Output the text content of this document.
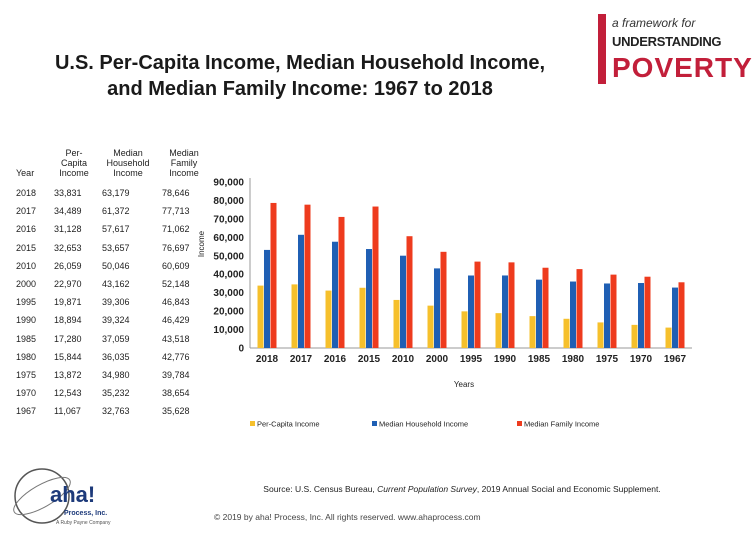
U.S. Per-Capita Income, Median Household Income,
and Median Family Income: 1967 to 2018
a framework for
UNDERSTANDING
POVERTY
Year	Per-Capita Income	Median Household Income	Median Family Income
2018	33,831	63,179	78,646
2017	34,489	61,372	77,713
2016	31,128	57,617	71,062
2015	32,653	53,657	76,697
2010	26,059	50,046	60,609
2000	22,970	43,162	52,148
1995	19,871	39,306	46,843
1990	18,894	39,324	46,429
1985	17,280	37,059	43,518
1980	15,844	36,035	42,776
1975	13,872	34,980	39,784
1970	12,543	35,232	38,654
1967	11,067	32,763	35,628
0
10,000
20,000
30,000
40,000
50,000
60,000
70,000
80,000
90,000
Income
Years
2018 2017 2016 2015 2010 2000 1995 1990 1985 1980 1975 1970 1967
Per-Capita Income	Median Household Income	Median Family Income
Source: U.S. Census Bureau, Current Population Survey, 2019 Annual Social and Economic Supplement.
© 2019 by aha! Process, Inc. All rights reserved. www.ahaprocess.com
aha!
Process, Inc.
A Ruby Payne Company
